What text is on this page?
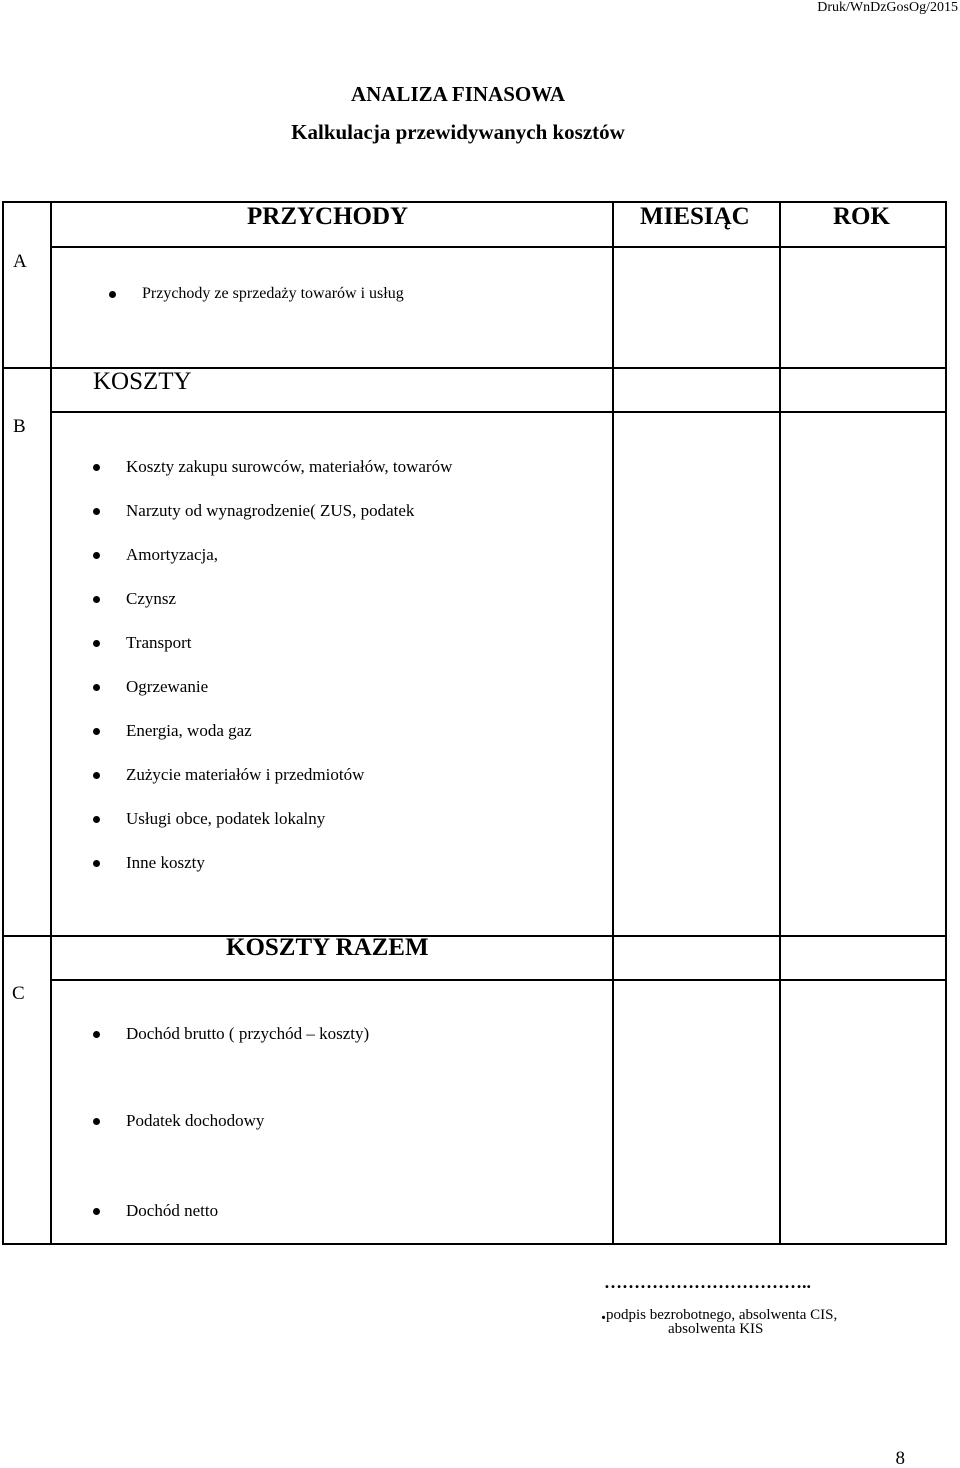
Druk/WnDzGosOg/2015
ANALIZA FINASOWA
Kalkulacja przewidywanych kosztów
PRZYCHODY	MIESIĄC	ROK
A
Przychody ze sprzedaży towarów i usług
KOSZTY
B
Koszty zakupu surowców, materiałów, towarów
Narzuty od wynagrodzenie( ZUS, podatek
Amortyzacja,
Czynsz
Transport
Ogrzewanie
Energia, woda gaz
Zużycie materiałów i przedmiotów
Usługi obce, podatek lokalny
Inne koszty
KOSZTY RAZEM
C
Dochód brutto ( przychód – koszty)
Podatek dochodowy
Dochód netto
……………………………..
.podpis bezrobotnego, absolwenta CIS,
absolwenta KIS
8
